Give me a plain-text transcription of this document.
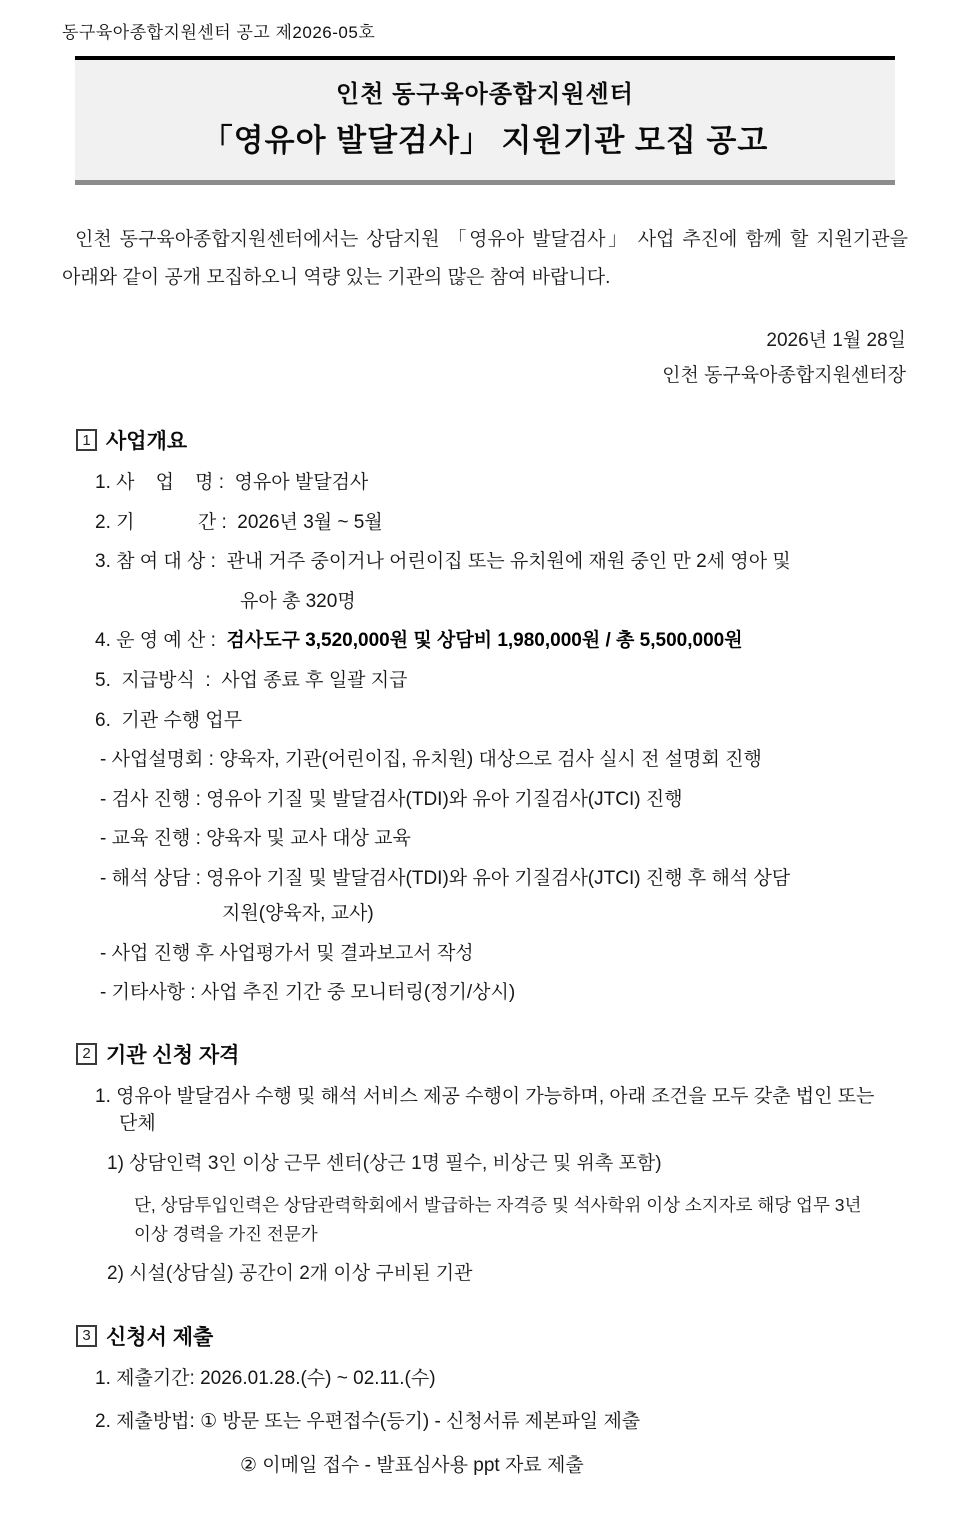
동구육아종합지원센터 공고 제2026-05호
인천 동구육아종합지원센터
「영유아 발달검사」 지원기관 모집 공고

인천 동구육아종합지원센터에서는 상담지원 「영유아 발달검사」 사업 추진에 함께 할 지원기관을 아래와 같이 공개 모집하오니 역량 있는 기관의 많은 참여 바랍니다.

2026년 1월 28일
인천 동구육아종합지원센터장
1 사업개요
1. 사    업    명 :  영유아 발달검사
2. 기            간 :  2026년 3월 ~ 5월
3. 참 여 대 상 :  관내 거주 중이거나 어린이집 또는 유치원에 재원 중인 만 2세 영아 및
유아 총 320명
4. 운 영 예 산 :  검사도구 3,520,000원 및 상담비 1,980,000원 / 총 5,500,000원
5.  지급방식  :  사업 종료 후 일괄 지급
6.  기관 수행 업무
- 사업설명회 : 양육자, 기관(어린이집, 유치원) 대상으로 검사 실시 전 설명회 진행
- 검사 진행 : 영유아 기질 및 발달검사(TDI)와 유아 기질검사(JTCI) 진행
- 교육 진행 : 양육자 및 교사 대상 교육
- 해석 상담 : 영유아 기질 및 발달검사(TDI)와 유아 기질검사(JTCI) 진행 후 해석 상담
지원(양육자, 교사)
- 사업 진행 후 사업평가서 및 결과보고서 작성
- 기타사항 : 사업 추진 기간 중 모니터링(정기/상시)
2 기관 신청 자격
1. 영유아 발달검사 수행 및 해석 서비스 제공 수행이 가능하며, 아래 조건을 모두 갖춘 법인 또는 단체
1) 상담인력 3인 이상 근무 센터(상근 1명 필수, 비상근 및 위촉 포함)
단, 상담투입인력은 상담관력학회에서 발급하는 자격증 및 석사학위 이상 소지자로 해당 업무 3년 이상 경력을 가진 전문가
2) 시설(상담실) 공간이 2개 이상 구비된 기관
3 신청서 제출
1. 제출기간: 2026.01.28.(수) ~ 02.11.(수)
2. 제출방법: ① 방문 또는 우편접수(등기) - 신청서류 제본파일 제출
② 이메일 접수 - 발표심사용 ppt 자료 제출
